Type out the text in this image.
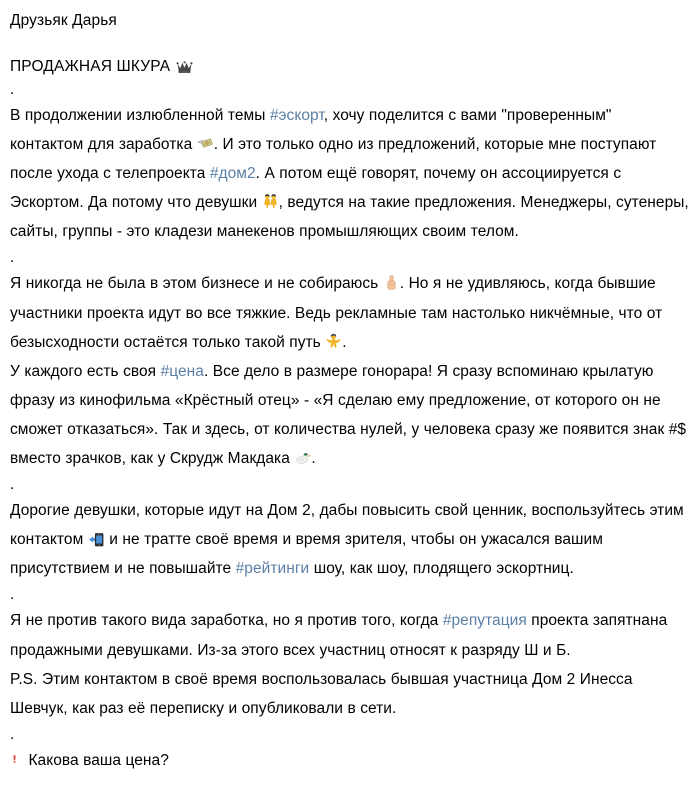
Друзьяк Дарья
ПРОДАЖНАЯ ШКУРА
.

В продолжении излюбленной темы #эскорт, хочу поделится с вами "проверенным" контактом для заработка
. И это только одно из предложений, которые мне поступают после ухода с телепроекта #дом2. А потом ещё говорят, почему он ассоциируется с Эскортом. Да потому что девушки
, ведутся на такие предложения. Менеджеры, сутенеры, сайты, группы - это кладези манекенов промышляющих своим телом.

.

Я никогда не была в этом бизнесе и не собираюсь
. Но я не удивляюсь, когда бывшие участники проекта идут во все тяжкие. Ведь рекламные там настолько никчёмные, что от безысходности остаётся только такой путь
.

У каждого есть своя #цена. Все дело в размере гонорара! Я сразу вспоминаю крылатую фразу из кинофильма «Крёстный отец» - «Я сделаю ему предложение, от которого он не сможет отказаться». Так и здесь, от количества нулей, у человека сразу же появится знак #$ вместо зрачков, как у Скрудж Макдака
.

.

Дорогие девушки, которые идут на Дом 2, дабы повысить свой ценник, воспользуйтесь этим контактом
и не тратте своё время и время зрителя, чтобы он ужасался вашим присутствием и не повышайте #рейтинги шоу, как шоу, плодящего эскортниц.

.

Я не против такого вида заработка, но я против того, когда #репутация проекта запятнана продажными девушками. Из-за этого всех участниц относят к разряду Ш и Б.

P.S. Этим контактом в своё время воспользовалась бывшая участница Дом 2 Инесса Шевчук, как раз её переписку и опубликовали в сети.

.

Какова ваша цена?
